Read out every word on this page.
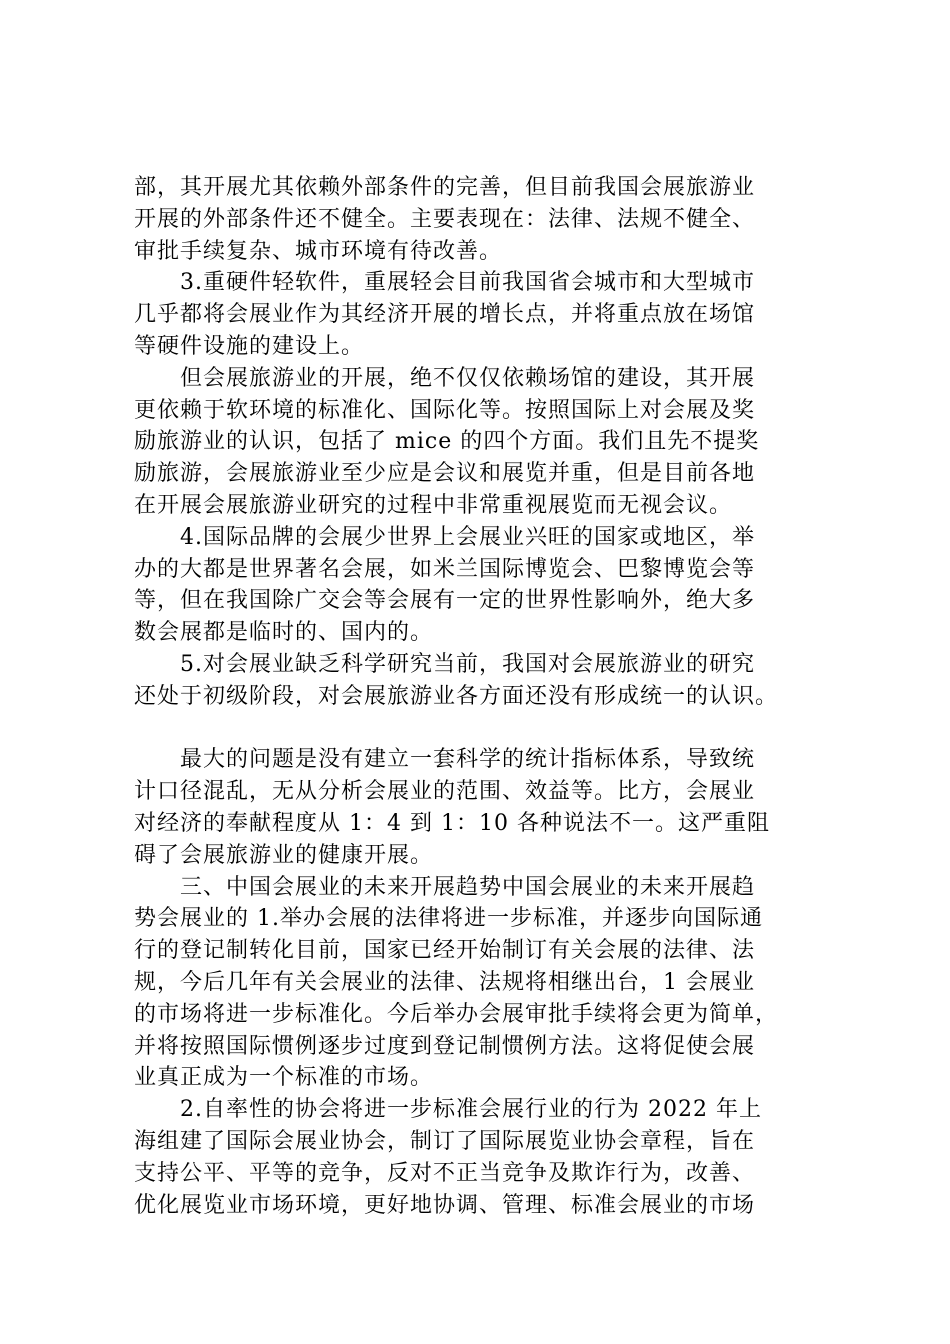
部，其开展尤其依赖外部条件的完善，但目前我国会展旅游业
开展的外部条件还不健全。主要表现在：法律、法规不健全、
审批手续复杂、城市环境有待改善。
3.重硬件轻软件，重展轻会目前我国省会城市和大型城市
几乎都将会展业作为其经济开展的增长点，并将重点放在场馆
等硬件设施的建设上。
但会展旅游业的开展，绝不仅仅依赖场馆的建设，其开展
更依赖于软环境的标准化、国际化等。按照国际上对会展及奖
励旅游业的认识，包括了 mice 的四个方面。我们且先不提奖
励旅游，会展旅游业至少应是会议和展览并重，但是目前各地
在开展会展旅游业研究的过程中非常重视展览而无视会议。
4.国际品牌的会展少世界上会展业兴旺的国家或地区，举
办的大都是世界著名会展，如米兰国际博览会、巴黎博览会等
等，但在我国除广交会等会展有一定的世界性影响外，绝大多
数会展都是临时的、国内的。
5.对会展业缺乏科学研究当前，我国对会展旅游业的研究
还处于初级阶段，对会展旅游业各方面还没有形成统一的认识。
最大的问题是没有建立一套科学的统计指标体系，导致统
计口径混乱，无从分析会展业的范围、效益等。比方，会展业
对经济的奉献程度从 1：4 到 1：10 各种说法不一。这严重阻
碍了会展旅游业的健康开展。
三、中国会展业的未来开展趋势中国会展业的未来开展趋
势会展业的 1.举办会展的法律将进一步标准，并逐步向国际通
行的登记制转化目前，国家已经开始制订有关会展的法律、法
规，今后几年有关会展业的法律、法规将相继出台，1 会展业
的市场将进一步标准化。今后举办会展审批手续将会更为简单，
并将按照国际惯例逐步过度到登记制惯例方法。这将促使会展
业真正成为一个标准的市场。
2.自率性的协会将进一步标准会展行业的行为 2022 年上
海组建了国际会展业协会，制订了国际展览业协会章程，旨在
支持公平、平等的竞争，反对不正当竞争及欺诈行为，改善、
优化展览业市场环境，更好地协调、管理、标准会展业的市场
